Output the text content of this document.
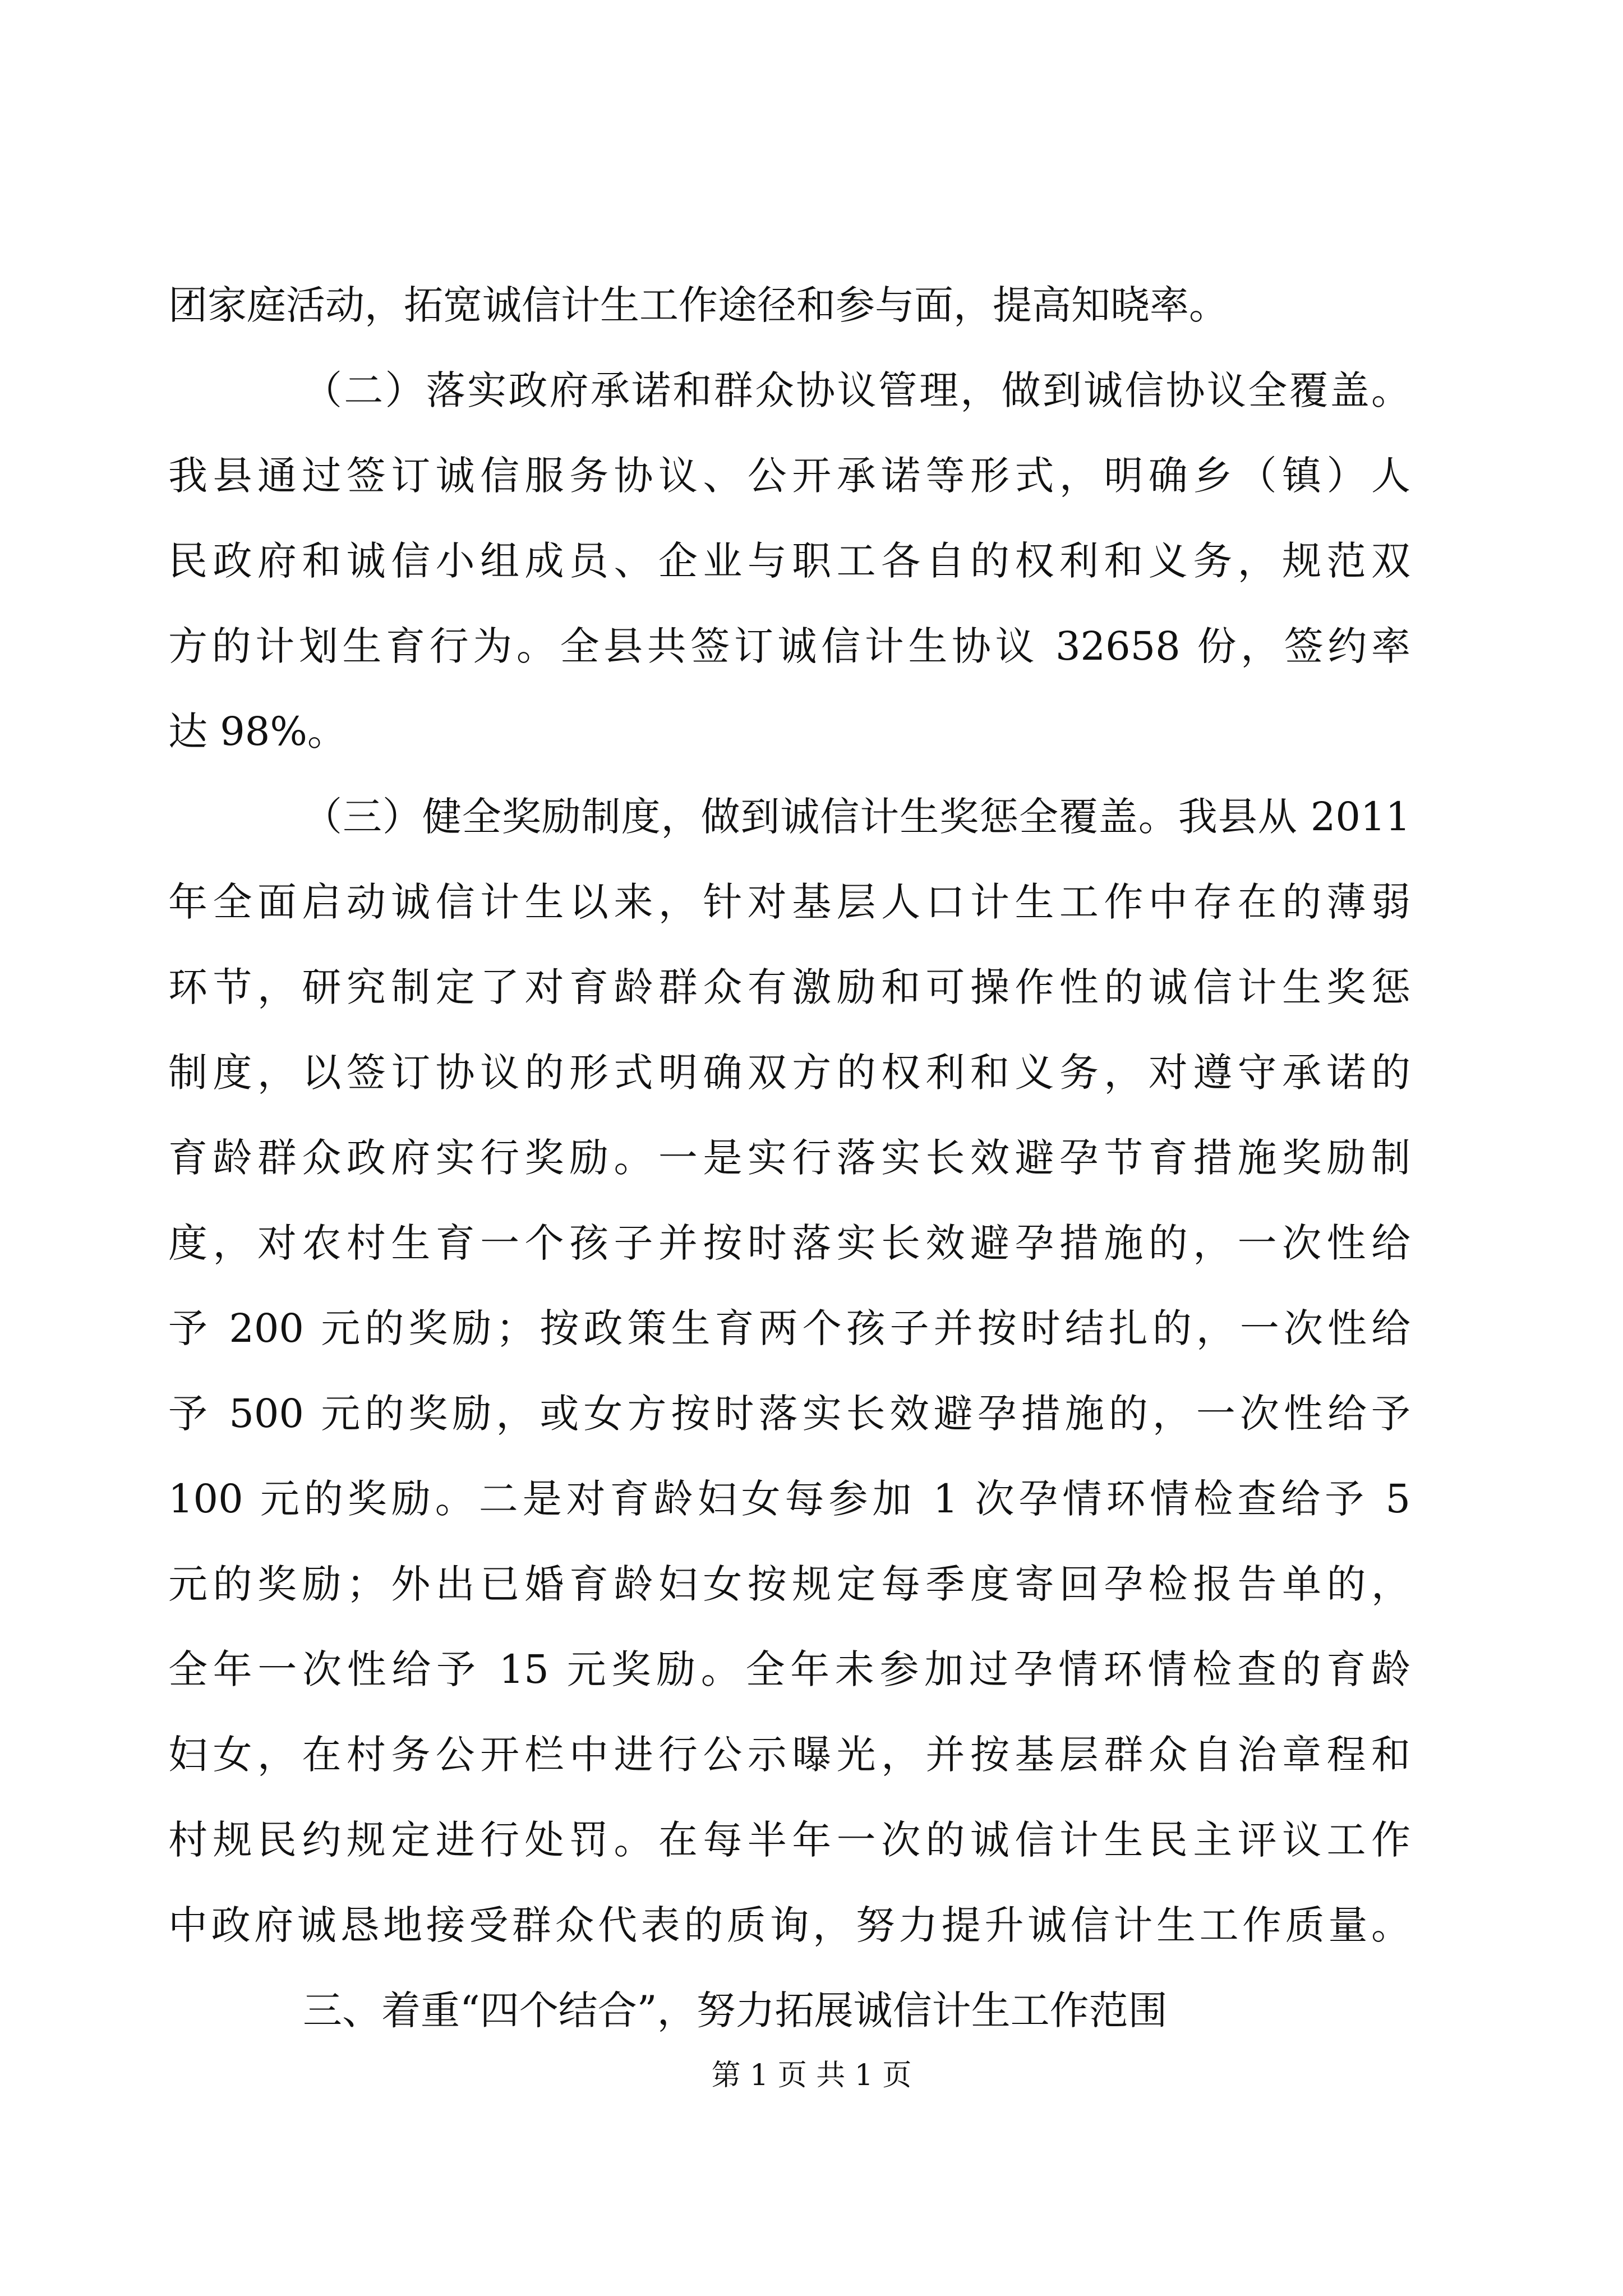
团家庭活动，拓宽诚信计生工作途径和参与面，提高知晓率。
（二）落实政府承诺和群众协议管理，做到诚信协议全覆盖。
我县通过签订诚信服务协议、公开承诺等形式，明确乡（镇）人
民政府和诚信小组成员、企业与职工各自的权利和义务，规范双
方的计划生育行为。全县共签订诚信计生协议 32658 份，签约率
达 98%。
（三）健全奖励制度，做到诚信计生奖惩全覆盖。我县从 2011
年全面启动诚信计生以来，针对基层人口计生工作中存在的薄弱
环节，研究制定了对育龄群众有激励和可操作性的诚信计生奖惩
制度，以签订协议的形式明确双方的权利和义务，对遵守承诺的
育龄群众政府实行奖励。一是实行落实长效避孕节育措施奖励制
度，对农村生育一个孩子并按时落实长效避孕措施的，一次性给
予 200 元的奖励；按政策生育两个孩子并按时结扎的，一次性给
予 500 元的奖励，或女方按时落实长效避孕措施的，一次性给予
100 元的奖励。二是对育龄妇女每参加 1 次孕情环情检查给予 5
元的奖励；外出已婚育龄妇女按规定每季度寄回孕检报告单的，
全年一次性给予 15 元奖励。全年未参加过孕情环情检查的育龄
妇女，在村务公开栏中进行公示曝光，并按基层群众自治章程和
村规民约规定进行处罚。在每半年一次的诚信计生民主评议工作
中政府诚恳地接受群众代表的质询，努力提升诚信计生工作质量。
三、着重“四个结合”，努力拓展诚信计生工作范围
第 1 页 共 1 页
